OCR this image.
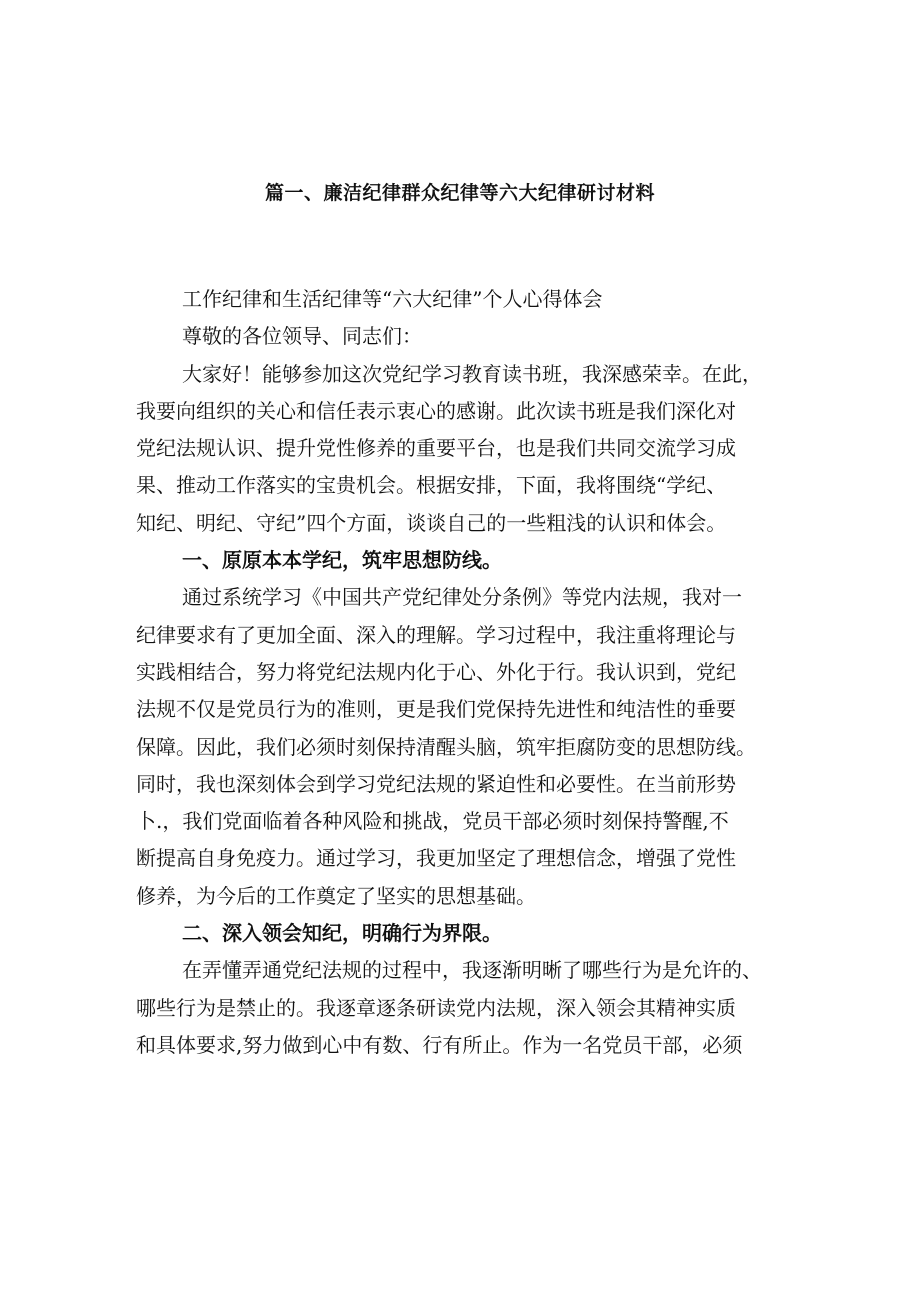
篇一、廉洁纪律群众纪律等六大纪律研讨材料
工作纪律和生活纪律等“六大纪律”个人心得体会
尊敬的各位领导、同志们：
大家好！能够参加这次党纪学习教育读书班，我深感荣幸。在此，
我要向组织的关心和信任表示衷心的感谢。此次读书班是我们深化对
党纪法规认识、提升党性修养的重要平台，也是我们共同交流学习成
果、推动工作落实的宝贵机会。根据安排，下面，我将围绕“学纪、
知纪、明纪、守纪”四个方面，谈谈自己的一些粗浅的认识和体会。
一、原原本本学纪，筑牢思想防线。
通过系统学习《中国共产党纪律处分条例》等党内法规，我对一
纪律要求有了更加全面、深入的理解。学习过程中，我注重将理论与
实践相结合，努力将党纪法规内化于心、外化于行。我认识到，党纪
法规不仅是党员行为的准则，更是我们党保持先进性和纯洁性的垂要
保障。因此，我们必须时刻保持清醒头脑，筑牢拒腐防变的思想防线。
同时，我也深刻体会到学习党纪法规的紧迫性和必要性。在当前形势
卜.，我们党面临着各种风险和挑战，党员干部必须时刻保持警醒,不
断提高自身免疫力。通过学习，我更加坚定了理想信念，增强了党性
修养，为今后的工作奠定了坚实的思想基础。
二、深入领会知纪，明确行为界限。
在弄懂弄通党纪法规的过程中，我逐渐明晰了哪些行为是允许的、
哪些行为是禁止的。我逐章逐条研读党内法规，深入领会其精神实质
和具体要求,努力做到心中有数、行有所止。作为一名党员干部，必须
